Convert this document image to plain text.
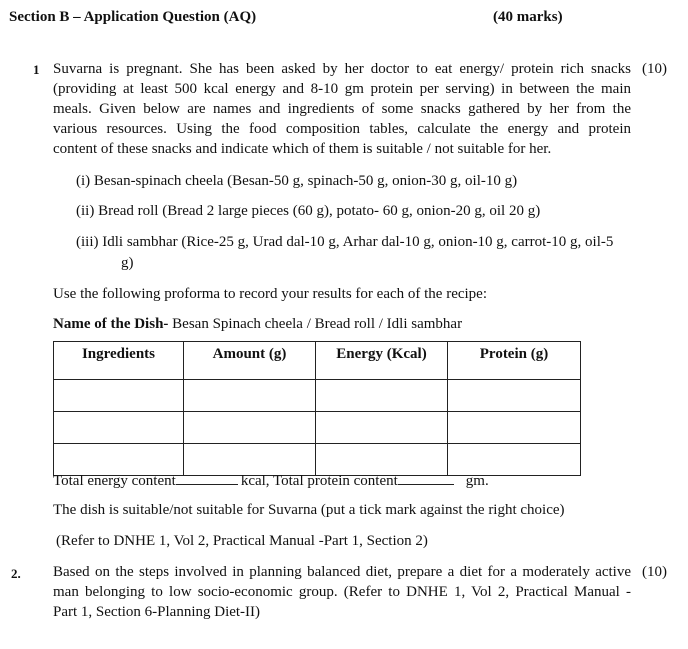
Section B – Application Question (AQ)	(40 marks)
1	(10)
Suvarna is pregnant. She has been asked by her doctor to eat energy/ protein rich snacks
(providing at least 500 kcal energy and 8-10 gm protein per serving) in between the main
meals. Given below are names and ingredients of some snacks gathered by her from the
various resources. Using the food composition tables, calculate the energy and protein
content of these snacks and indicate which of them is suitable / not suitable for her.
(i) Besan-spinach cheela (Besan-50 g, spinach-50 g, onion-30 g, oil-10 g)
(ii) Bread roll (Bread 2 large pieces (60 g), potato- 60 g, onion-20 g, oil 20 g)
(iii) Idli sambhar (Rice-25 g, Urad dal-10 g, Arhar dal-10 g, onion-10 g, carrot-10 g, oil-5
g)
Use the following proforma to record your results for each of the recipe:
Name of the Dish- Besan Spinach cheela / Bread roll / Idli sambhar
Ingredients	Amount (g)	Energy (Kcal)	Protein (g)

Total energy content	kcal, Total protein content	gm.
The dish is suitable/not suitable for Suvarna (put a tick mark against the right choice)
(Refer to DNHE 1, Vol 2, Practical Manual -Part 1, Section 2)
2.	(10)
Based on the steps involved in planning balanced diet, prepare a diet for a moderately active
man belonging to low socio-economic group. (Refer to DNHE 1, Vol 2, Practical Manual -
Part 1, Section 6-Planning Diet-II)
